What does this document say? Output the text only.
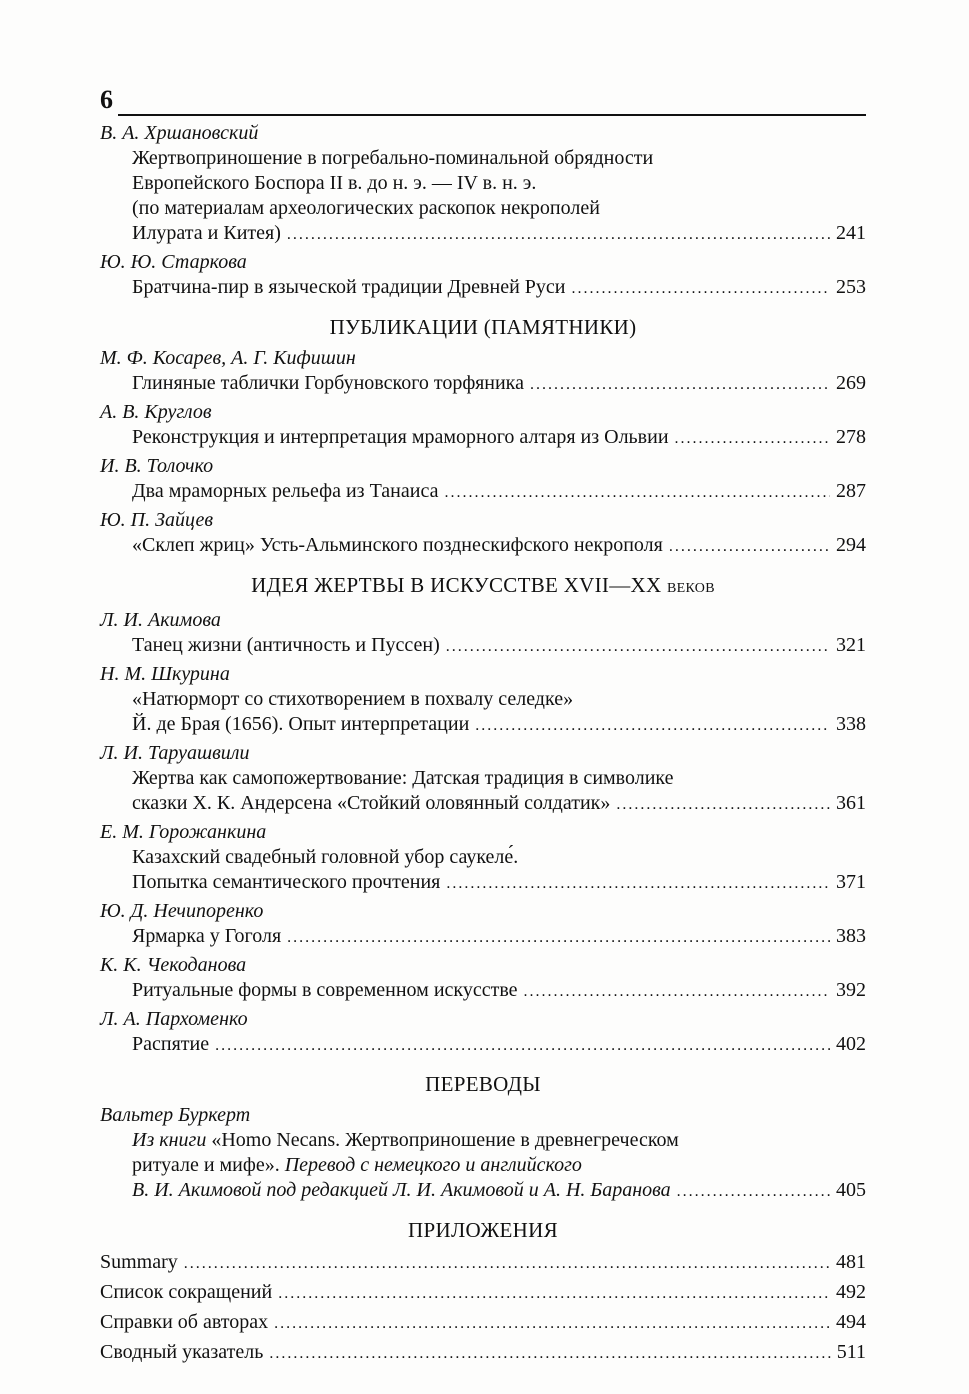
6
В. А. Хршановский
Жертвоприношение в погребально-поминальной обрядности
Европейского Боспора II в. до н. э. — IV в. н. э.
(по материалам археологических раскопок некрополей
Илурата и Китея) .....	241
Ю. Ю. Старкова
Братчина-пир в языческой традиции Древней Руси .....	253
ПУБЛИКАЦИИ (ПАМЯТНИКИ)
М. Ф. Косарев, А. Г. Кифишин
Глиняные таблички Горбуновского торфяника .....	269
А. В. Круглов
Реконструкция и интерпретация мраморного алтаря из Ольвии .....	278
И. В. Толочко
Два мраморных рельефа из Танаиса .....	287
Ю. П. Зайцев
«Склеп жриц» Усть-Альминского позднескифского некрополя .....	294
ИДЕЯ ЖЕРТВЫ В ИСКУССТВЕ XVII—XX ВЕКОВ
Л. И. Акимова
Танец жизни (античность и Пуссен) .....	321
Н. М. Шкурина
«Натюрморт со стихотворением в похвалу селедке»
Й. де Брая (1656). Опыт интерпретации .....	338
Л. И. Таруашвили
Жертва как самопожертвование: Датская традиция в символике
сказки Х. К. Андерсена «Стойкий оловянный солдатик» .....	361
Е. М. Горожанкина
Казахский свадебный головной убор саукеле́.
Попытка семантического прочтения .....	371
Ю. Д. Нечипоренко
Ярмарка у Гоголя .....	383
К. К. Чекоданова
Ритуальные формы в современном искусстве .....	392
Л. А. Пархоменко
Распятие .....	402
ПЕРЕВОДЫ
Вальтер Буркерт
Из книги «Homo Necans. Жертвоприношение в древнегреческом
ритуале и мифе». Перевод с немецкого и английского
В. И. Акимовой под редакцией Л. И. Акимовой и А. Н. Баранова .....	405
ПРИЛОЖЕНИЯ
Summary .....	481
Список сокращений .....	492
Справки об авторах .....	494
Сводный указатель .....	511
